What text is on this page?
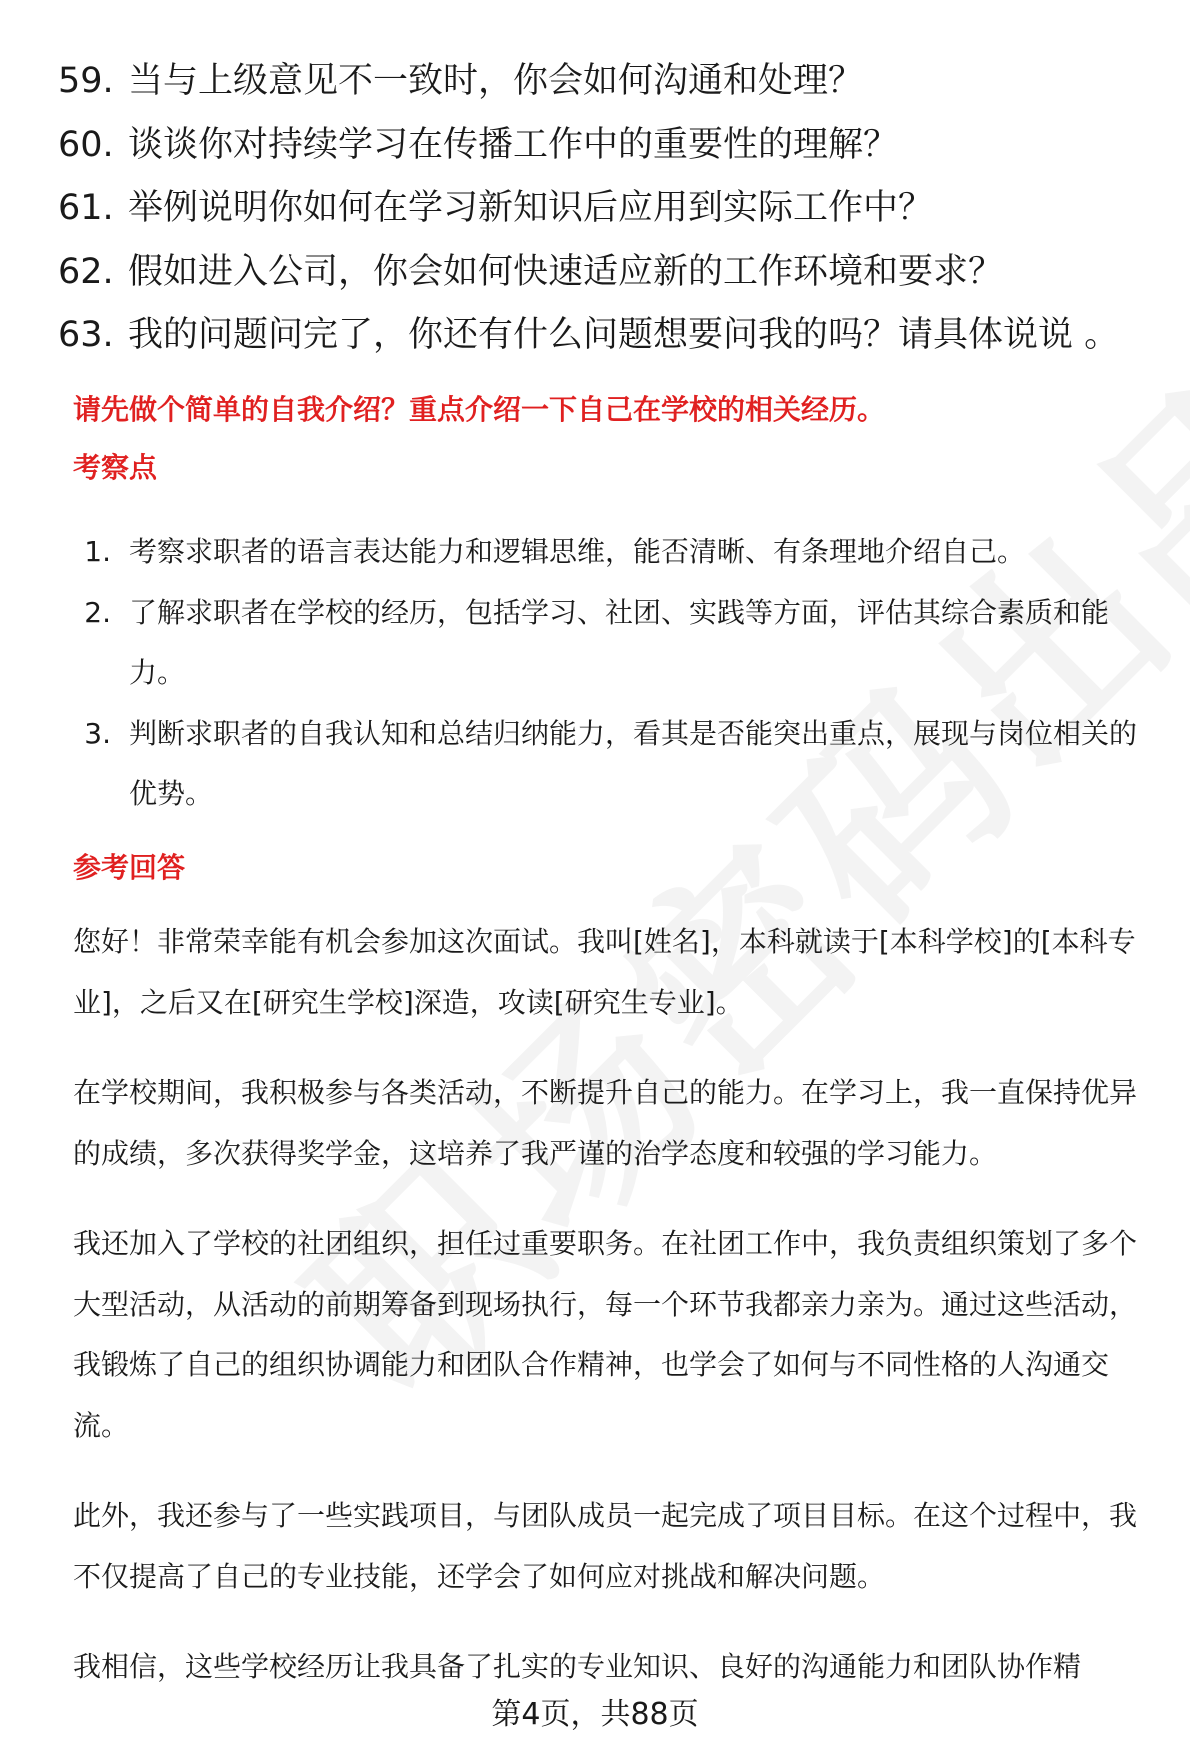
59. 当与上级意见不一致时，你会如何沟通和处理？
60. 谈谈你对持续学习在传播工作中的重要性的理解？
61. 举例说明你如何在学习新知识后应用到实际工作中？
62. 假如进入公司，你会如何快速适应新的工作环境和要求？
63. 我的问题问完了，你还有什么问题想要问我的吗？请具体说说 。
请先做个简单的自我介绍？重点介绍一下自己在学校的相关经历。
考察点
1. 考察求职者的语言表达能力和逻辑思维，能否清晰、有条理地介绍自己。
2. 了解求职者在学校的经历，包括学习、社团、实践等方面，评估其综合素质和能力。
3. 判断求职者的自我认知和总结归纳能力，看其是否能突出重点，展现与岗位相关的优势。
参考回答

您好！非常荣幸能有机会参加这次面试。我叫[姓名]，本科就读于[本科学校]的[本科专业]，之后又在[研究生学校]深造，攻读[研究生专业]。

在学校期间，我积极参与各类活动，不断提升自己的能力。在学习上，我一直保持优异的成绩，多次获得奖学金，这培养了我严谨的治学态度和较强的学习能力。

我还加入了学校的社团组织，担任过重要职务。在社团工作中，我负责组织策划了多个大型活动，从活动的前期筹备到现场执行，每一个环节我都亲力亲为。通过这些活动，我锻炼了自己的组织协调能力和团队合作精神，也学会了如何与不同性格的人沟通交流。

此外，我还参与了一些实践项目，与团队成员一起完成了项目目标。在这个过程中，我不仅提高了自己的专业技能，还学会了如何应对挑战和解决问题。

我相信，这些学校经历让我具备了扎实的专业知识、良好的沟通能力和团队协作精

第4页，共88页
